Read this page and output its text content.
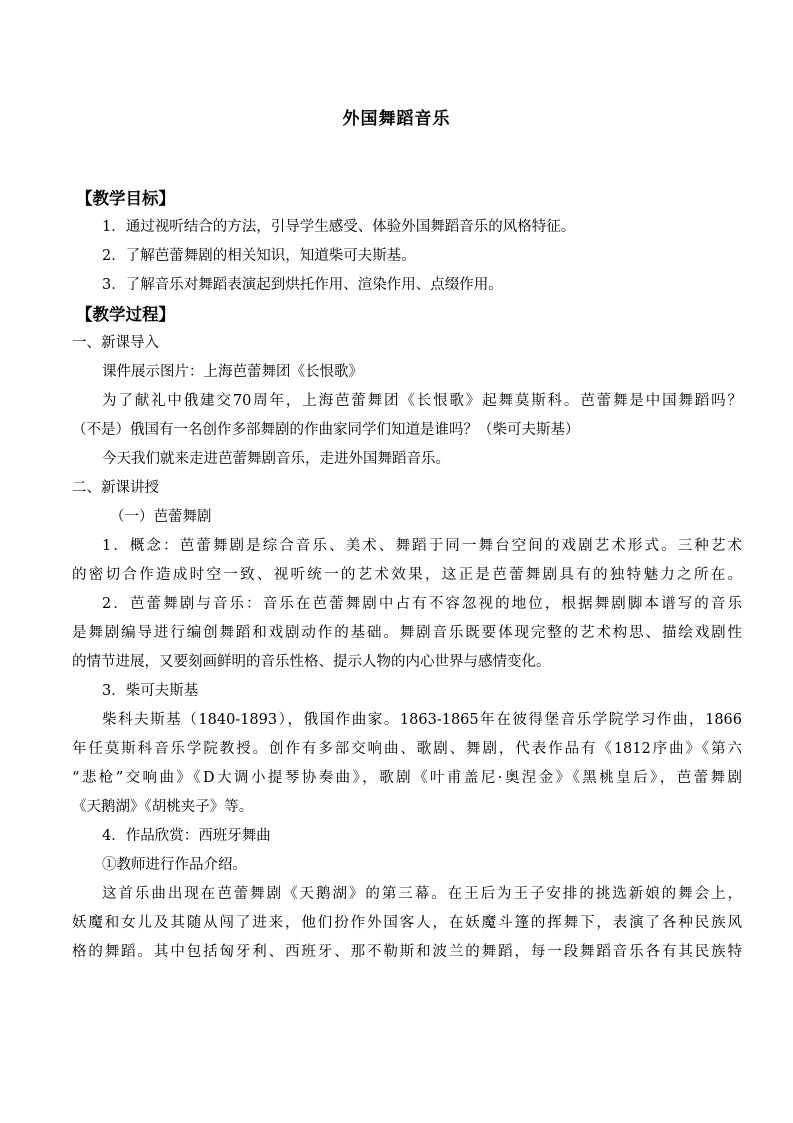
外国舞蹈音乐
【教学目标】
1．通过视听结合的方法，引导学生感受、体验外国舞蹈音乐的风格特征。
2．了解芭蕾舞剧的相关知识，知道柴可夫斯基。
3．了解音乐对舞蹈表演起到烘托作用、渲染作用、点缀作用。
【教学过程】
一、新课导入
课件展示图片：上海芭蕾舞团《长恨歌》
为了献礼中俄建交70周年，上海芭蕾舞团《长恨歌》起舞莫斯科。芭蕾舞是中国舞蹈吗？
（不是）俄国有一名创作多部舞剧的作曲家同学们知道是谁吗？（柴可夫斯基）
今天我们就来走进芭蕾舞剧音乐，走进外国舞蹈音乐。
二、新课讲授
（一）芭蕾舞剧
1．概念：芭蕾舞剧是综合音乐、美术、舞蹈于同一舞台空间的戏剧艺术形式。三种艺术
的密切合作造成时空一致、视听统一的艺术效果，这正是芭蕾舞剧具有的独特魅力之所在。
2．芭蕾舞剧与音乐：音乐在芭蕾舞剧中占有不容忽视的地位，根据舞剧脚本谱写的音乐
是舞剧编导进行编创舞蹈和戏剧动作的基础。舞剧音乐既要体现完整的艺术构思、描绘戏剧性
的情节进展，又要刻画鲜明的音乐性格、提示人物的内心世界与感情变化。
3．柴可夫斯基
柴科夫斯基（1840-1893），俄国作曲家。1863-1865年在彼得堡音乐学院学习作曲，1866
年任莫斯科音乐学院教授。创作有多部交响曲、歌剧、舞剧，代表作品有《1812序曲》《第六
“悲枪”交响曲》《D大调小提琴协奏曲》，歌剧《叶甫盖尼·奥涅金》《黑桃皇后》，芭蕾舞剧
《天鹅湖》《胡桃夹子》等。
4．作品欣赏：西班牙舞曲
①教师进行作品介绍。
这首乐曲出现在芭蕾舞剧《天鹅湖》的第三幕。在王后为王子安排的挑选新娘的舞会上，
妖魔和女儿及其随从闯了进来，他们扮作外国客人，在妖魔斗篷的挥舞下，表演了各种民族风
格的舞蹈。其中包括匈牙利、西班牙、那不勒斯和波兰的舞蹈，每一段舞蹈音乐各有其民族特
